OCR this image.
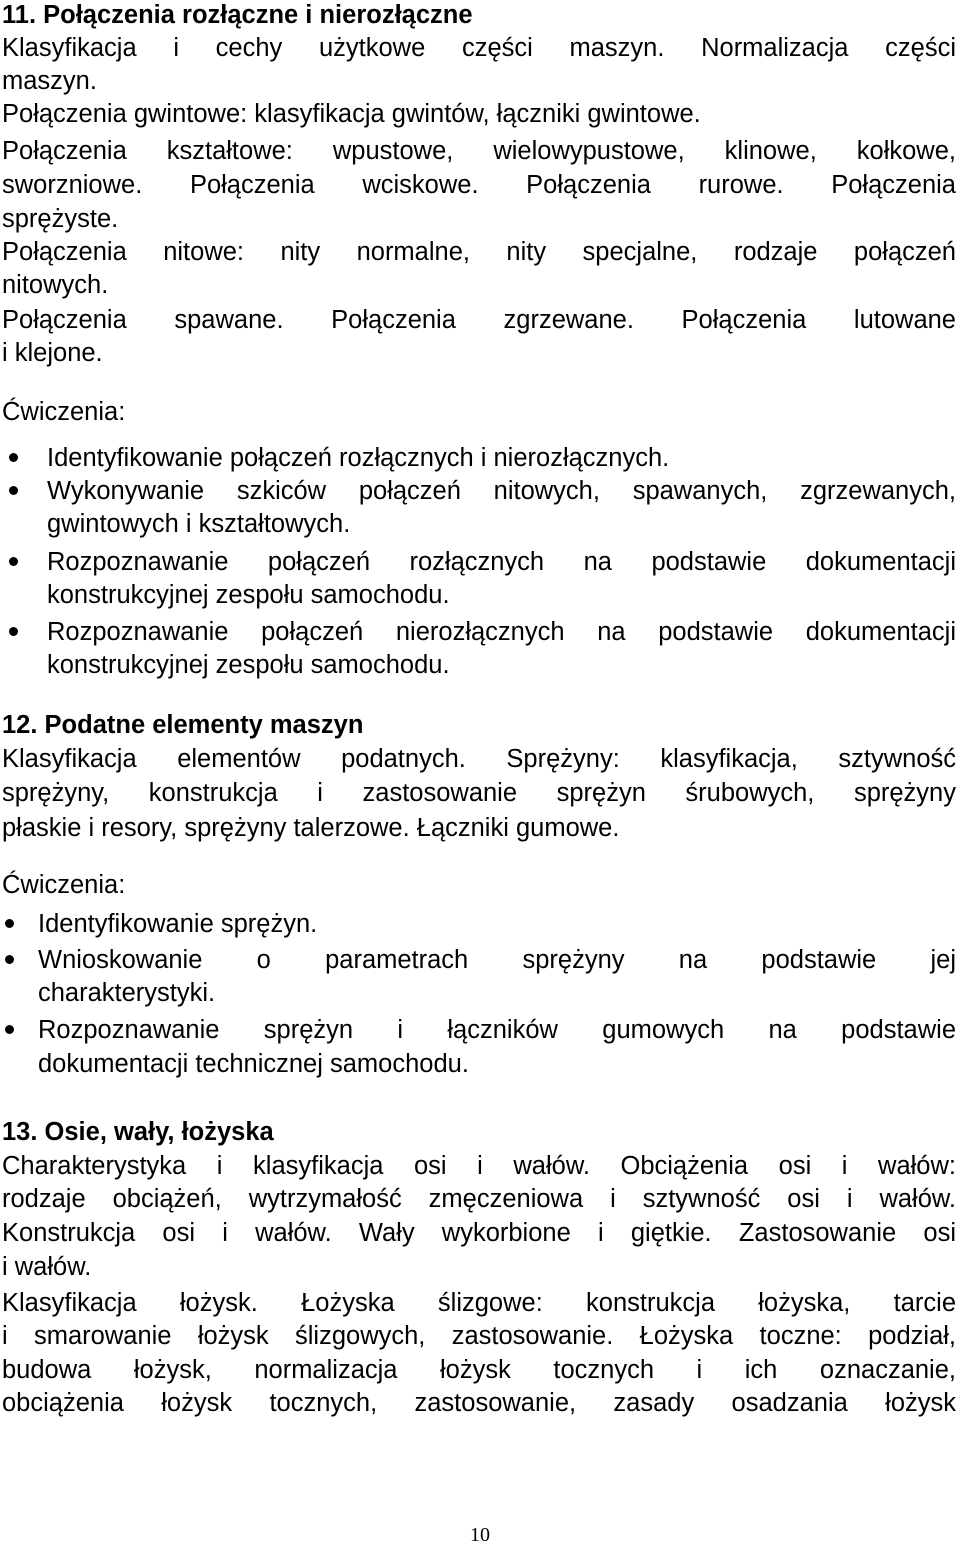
11. Połączenia rozłączne i nierozłączne
Klasyfikacja i cechy użytkowe części maszyn. Normalizacja części
maszyn.
Połączenia gwintowe: klasyfikacja gwintów, łączniki gwintowe.
Połączenia kształtowe: wpustowe, wielowypustowe, klinowe, kołkowe,
sworzniowe. Połączenia wciskowe. Połączenia rurowe. Połączenia
sprężyste.
Połączenia nitowe: nity normalne, nity specjalne, rodzaje połączeń
nitowych.
Połączenia spawane. Połączenia zgrzewane. Połączenia lutowane
i klejone.
Ćwiczenia:
Identyfikowanie połączeń rozłącznych i nierozłącznych.
Wykonywanie szkiców połączeń nitowych, spawanych, zgrzewanych,
gwintowych i kształtowych.
Rozpoznawanie połączeń rozłącznych na podstawie dokumentacji
konstrukcyjnej zespołu samochodu.
Rozpoznawanie połączeń nierozłącznych na podstawie dokumentacji
konstrukcyjnej zespołu samochodu.
12. Podatne elementy maszyn
Klasyfikacja elementów podatnych. Sprężyny: klasyfikacja, sztywność
sprężyny, konstrukcja i zastosowanie sprężyn śrubowych, sprężyny
płaskie i resory, sprężyny talerzowe. Łączniki gumowe.
Ćwiczenia:
Identyfikowanie sprężyn.
Wnioskowanie o parametrach sprężyny na podstawie jej
charakterystyki.
Rozpoznawanie sprężyn i łączników gumowych na podstawie
dokumentacji technicznej samochodu.
13. Osie, wały, łożyska
Charakterystyka i klasyfikacja osi i wałów. Obciążenia osi i wałów:
rodzaje obciążeń, wytrzymałość zmęczeniowa i sztywność osi i wałów.
Konstrukcja osi i wałów. Wały wykorbione i giętkie. Zastosowanie osi
i wałów.
Klasyfikacja łożysk. Łożyska ślizgowe: konstrukcja łożyska, tarcie
i smarowanie łożysk ślizgowych, zastosowanie. Łożyska toczne: podział,
budowa łożysk, normalizacja łożysk tocznych i ich oznaczanie,
obciążenia łożysk tocznych, zastosowanie, zasady osadzania łożysk
10
